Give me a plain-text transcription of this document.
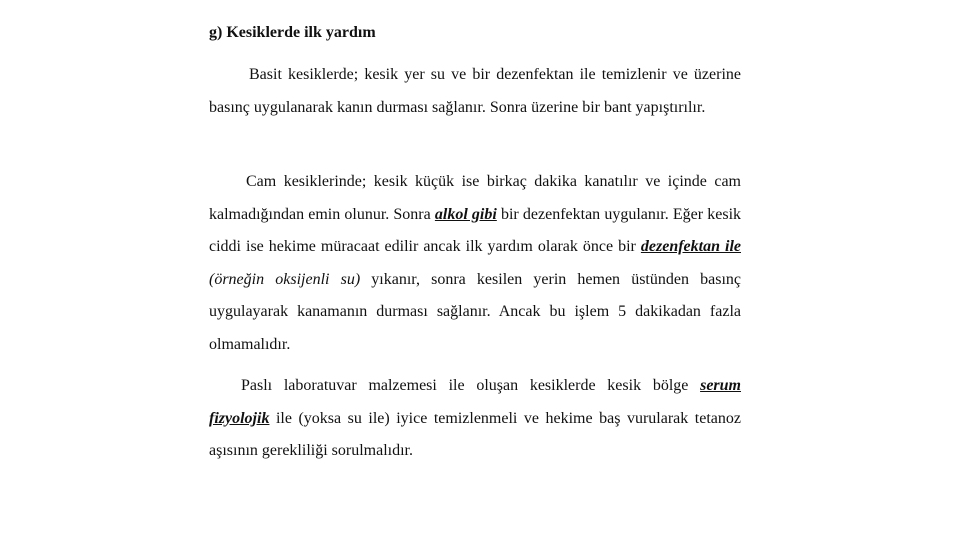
g) Kesiklerde ilk yardım

Basit kesiklerde; kesik yer su ve bir dezenfektan ile temizlenir ve üzerine basınç uygulanarak kanın durması sağlanır. Sonra üzerine bir bant yapıştırılır.

Cam kesiklerinde; kesik küçük ise birkaç dakika kanatılır ve içinde cam kalmadığından emin olunur. Sonra alkol gibi bir dezenfektan uygulanır. Eğer kesik ciddi ise hekime müracaat edilir ancak ilk yardım olarak önce bir dezenfektan ile (örneğin oksijenli su) yıkanır, sonra kesilen yerin hemen üstünden basınç uygulayarak kanamanın durması sağlanır. Ancak bu işlem 5 dakikadan fazla olmamalıdır.

Paslı laboratuvar malzemesi ile oluşan kesiklerde kesik bölge serum fizyolojik ile (yoksa su ile) iyice temizlenmeli ve hekime baş vurularak tetanoz aşısının gerekliliği sorulmalıdır.
